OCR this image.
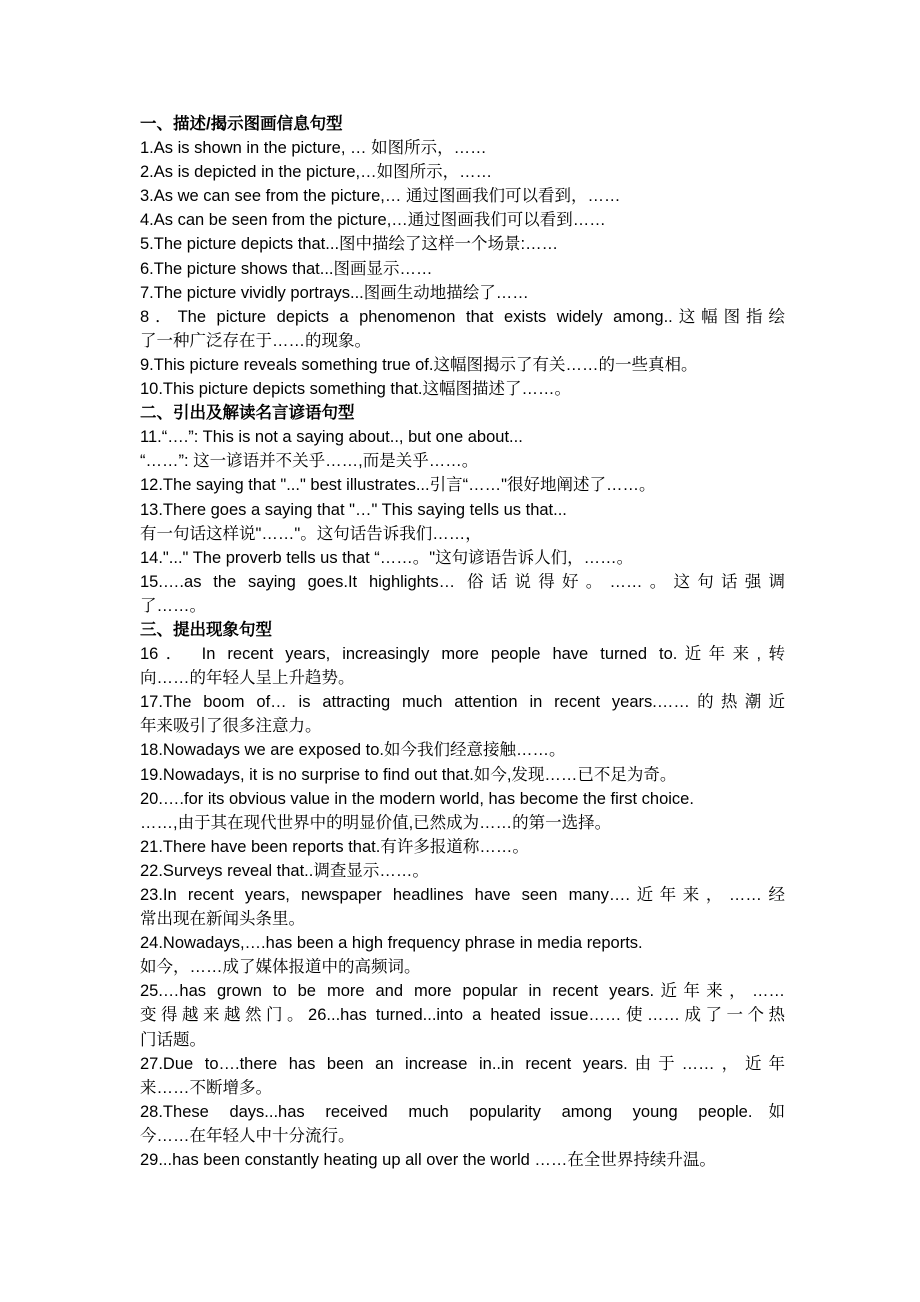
一、描述/揭示图画信息句型
1.As is shown in the picture, … 如图所示，……
2.As is depicted in the picture,…如图所示，……
3.As we can see from the picture,… 通过图画我们可以看到，……
4.As can be seen from the picture,…通过图画我们可以看到……
5.The picture depicts that...图中描绘了这样一个场景:……
6.The picture shows that...图画显示……
7.The picture vividly portrays...图画生动地描绘了……
8．The picture depicts a phenomenon that exists widely among..这幅图指绘
了一种广泛存在于……的现象。
9.This picture reveals something true of.这幅图揭示了有关……的一些真相。
10.This picture depicts something that.这幅图描述了……。
二、引出及解读名言谚语句型
11.“….”: This is not a saying about.., but one about...
“……”: 这一谚语并不关乎……,而是关乎……。
12.The saying that "..." best illustrates...引言“……"很好地阐述了……。
13.There goes a saying that "…" This saying tells us that...
有一句话这样说"……"。这句话告诉我们……，
14."..." The proverb tells us that “……。"这句谚语告诉人们，……。
15.….as the saying goes.It highlights… 俗话说得好。……。这句话强调
了……。
三、提出现象句型
16． In recent years, increasingly more people have turned to.近年来,转
向……的年轻人呈上升趋势。
17.The boom of… is attracting much attention in recent years.……的热潮近
年来吸引了很多注意力。
18.Nowadays we are exposed to.如今我们经意接触……。
19.Nowadays, it is no surprise to find out that.如今,发现……已不足为奇。
20.….for its obvious value in the modern world, has become the first choice.
……,由于其在现代世界中的明显价值,已然成为……的第一选择。
21.There have been reports that.有许多报道称……。
22.Surveys reveal that..调查显示……。
23.In recent years, newspaper headlines have seen many….近年来，……经
常出现在新闻头条里。
24.Nowadays,….has been a high frequency phrase in media reports.
如今，……成了媒体报道中的高频词。
25.…has grown to be more and more popular in recent years.近年来，……
变得越来越然门。26...has turned...into a heated issue……使……成了一个热
门话题。
27.Due to….there has been an increase in..in recent years.由于……，近年
来……不断增多。
28.These days...has received much popularity among young people.如
今……在年轻人中十分流行。
29...has been constantly heating up all over the world ……在全世界持续升温。
